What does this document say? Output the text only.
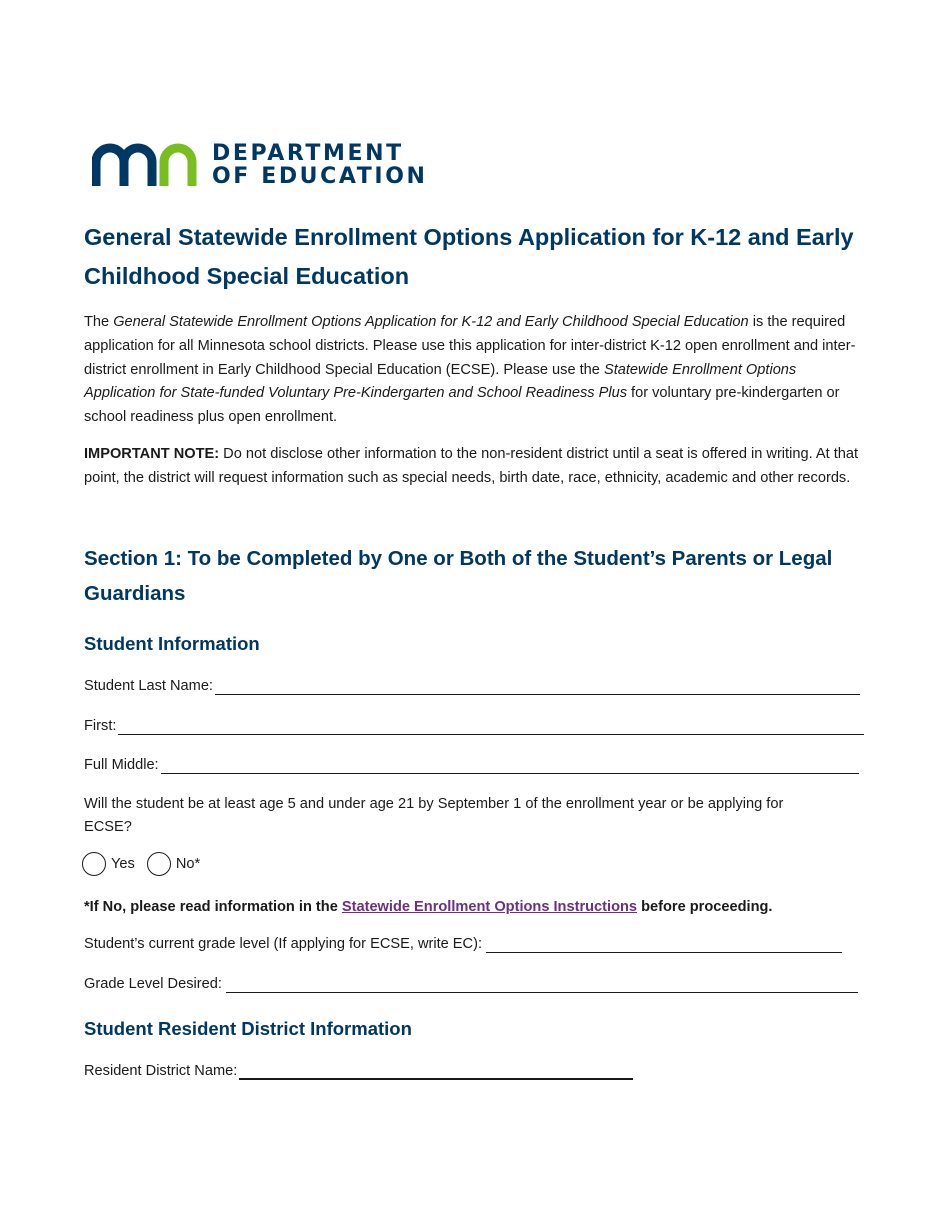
DEPARTMENT
OF EDUCATION
General Statewide Enrollment Options Application for K-12 and Early Childhood Special Education

The General Statewide Enrollment Options Application for K-12 and Early Childhood Special Education is the required application for all Minnesota school districts. Please use this application for inter-district K-12 open enrollment and inter-district enrollment in Early Childhood Special Education (ECSE). Please use the Statewide Enrollment Options Application for State-funded Voluntary Pre-Kindergarten and School Readiness Plus for voluntary pre-kindergarten or school readiness plus open enrollment.

IMPORTANT NOTE: Do not disclose other information to the non-resident district until a seat is offered in writing. At that point, the district will request information such as special needs, birth date, race, ethnicity, academic and other records.

Section 1: To be Completed by One or Both of the Student’s Parents or Legal Guardians
Student Information
Student Last Name:
First:
Full Middle:

Will the student be at least age 5 and under age 21 by September 1 of the enrollment year or be applying for ECSE?

Yes	No*

*If No, please read information in the Statewide Enrollment Options Instructions before proceeding.

Student’s current grade level (If applying for ECSE, write EC):
Grade Level Desired:
Student Resident District Information
Resident District Name:
